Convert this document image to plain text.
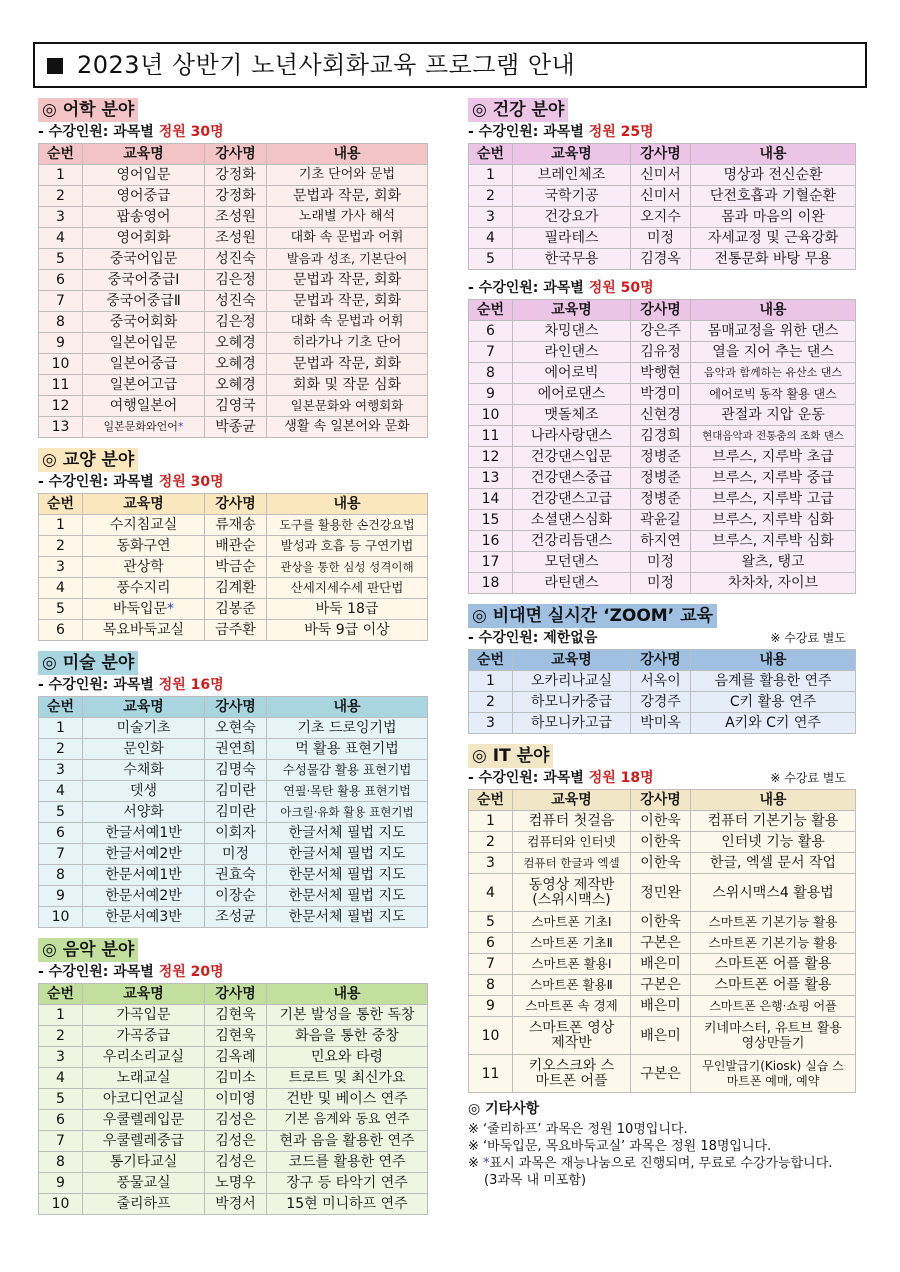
2023년 상반기 노년사회화교육 프로그램 안내
◎ 어학 분야
- 수강인원: 과목별 정원 30명
순번	교육명	강사명	내용
1	영어입문	강정화	기초 단어와 문법
2	영어중급	강정화	문법과 작문, 회화
3	팝송영어	조성원	노래별 가사 해석
4	영어회화	조성원	대화 속 문법과 어휘
5	중국어입문	성진숙	발음과 성조, 기본단어
6	중국어중급Ⅰ	김은정	문법과 작문, 회화
7	중국어중급Ⅱ	성진숙	문법과 작문, 회화
8	중국어회화	김은정	대화 속 문법과 어휘
9	일본어입문	오혜경	히라가나 기초 단어
10	일본어중급	오혜경	문법과 작문, 회화
11	일본어고급	오혜경	회화 및 작문 심화
12	여행일본어	김영국	일본문화와 여행회화
13	일본문화와언어*	박종균	생활 속 일본어와 문화
◎ 교양 분야
- 수강인원: 과목별 정원 30명
순번	교육명	강사명	내용
1	수지침교실	류재송	도구를 활용한 손건강요법
2	동화구연	배관순	발성과 호흡 등 구연기법
3	관상학	박금순	관상을 통한 심성 성격이해
4	풍수지리	김계환	산세지세수세 판단법
5	바둑입문*	김봉준	바둑 18급
6	목요바둑교실	금주환	바둑 9급 이상
◎ 미술 분야
- 수강인원: 과목별 정원 16명
순번	교육명	강사명	내용
1	미술기초	오현숙	기초 드로잉기법
2	문인화	권연희	먹 활용 표현기법
3	수채화	김명숙	수성물감 활용 표현기법
4	뎃생	김미란	연필·목탄 활용 표현기법
5	서양화	김미란	아크릴·유화 활용 표현기법
6	한글서예1반	이회자	한글서체 필법 지도
7	한글서예2반	미정	한글서체 필법 지도
8	한문서예1반	권효숙	한문서체 필법 지도
9	한문서예2반	이장순	한문서체 필법 지도
10	한문서예3반	조성균	한문서체 필법 지도
◎ 음악 분야
- 수강인원: 과목별 정원 20명
순번	교육명	강사명	내용
1	가곡입문	김현욱	기본 발성을 통한 독창
2	가곡중급	김현욱	화음을 통한 중창
3	우리소리교실	김옥례	민요와 타령
4	노래교실	김미소	트로트 및 최신가요
5	아코디언교실	이미영	건반 및 베이스 연주
6	우쿨렐레입문	김성은	기본 음계와 동요 연주
7	우쿨렐레중급	김성은	현과 음을 활용한 연주
8	통기타교실	김성은	코드를 활용한 연주
9	풍물교실	노명우	장구 등 타악기 연주
10	줄리하프	박경서	15현 미니하프 연주
◎ 건강 분야
- 수강인원: 과목별 정원 25명
순번	교육명	강사명	내용
1	브레인체조	신미서	명상과 전신순환
2	국학기공	신미서	단전호흡과 기혈순환
3	건강요가	오지수	몸과 마음의 이완
4	필라테스	미정	자세교정 및 근육강화
5	한국무용	김경옥	전통문화 바탕 무용
- 수강인원: 과목별 정원 50명
순번	교육명	강사명	내용
6	차밍댄스	강은주	몸매교정을 위한 댄스
7	라인댄스	김유정	열을 지어 추는 댄스
8	에어로빅	박행현	음악과 함께하는 유산소 댄스
9	에어로댄스	박경미	에어로빅 동작 활용 댄스
10	맷돌체조	신현경	관절과 지압 운동
11	나라사랑댄스	김경희	현대음악과 전통춤의 조화 댄스
12	건강댄스입문	정병준	브루스, 지루박 초급
13	건강댄스중급	정병준	브루스, 지루박 중급
14	건강댄스고급	정병준	브루스, 지루박 고급
15	소셜댄스심화	곽윤길	브루스, 지루박 심화
16	건강리듬댄스	하지연	브루스, 지루박 심화
17	모던댄스	미정	왈츠, 탱고
18	라틴댄스	미정	차차차, 자이브
◎ 비대면 실시간 ‘ZOOM’ 교육
- 수강인원: 제한없음	※ 수강료 별도
순번	교육명	강사명	내용
1	오카리나교실	서옥이	음계를 활용한 연주
2	하모니카중급	강경주	C키 활용 연주
3	하모니카고급	박미옥	A키와 C키 연주
◎ IT 분야
- 수강인원: 과목별 정원 18명	※ 수강료 별도
순번	교육명	강사명	내용
1	컴퓨터 첫걸음	이한욱	컴퓨터 기본기능 활용
2	컴퓨터와 인터넷	이한욱	인터넷 기능 활용
3	컴퓨터 한글과 엑셀	이한욱	한글, 엑셀 문서 작업
4	동영상 제작반 (스위시맥스)	정민완	스위시맥스4 활용법
5	스마트폰 기초Ⅰ	이한욱	스마트폰 기본기능 활용
6	스마트폰 기초Ⅱ	구본은	스마트폰 기본기능 활용
7	스마트폰 활용Ⅰ	배은미	스마트폰 어플 활용
8	스마트폰 활용Ⅱ	구본은	스마트폰 어플 활용
9	스마트폰 속 경제	배은미	스마트폰 은행·쇼핑 어플
10	스마트폰 영상제작반	배은미	키네마스터, 유트브 활용영상만들기
11	키오스크와 스마트폰 어플	구본은	무인발급기(Kiosk) 실습 스마트폰 예매, 예약
◎ 기타사항
※ ‘줄리하프’ 과목은 정원 10명입니다.
※ ‘바둑입문, 목요바둑교실’ 과목은 정원 18명입니다.
※ *표시 과목은 재능나눔으로 진행되며, 무료로 수강가능합니다.
(3과목 내 미포함)
